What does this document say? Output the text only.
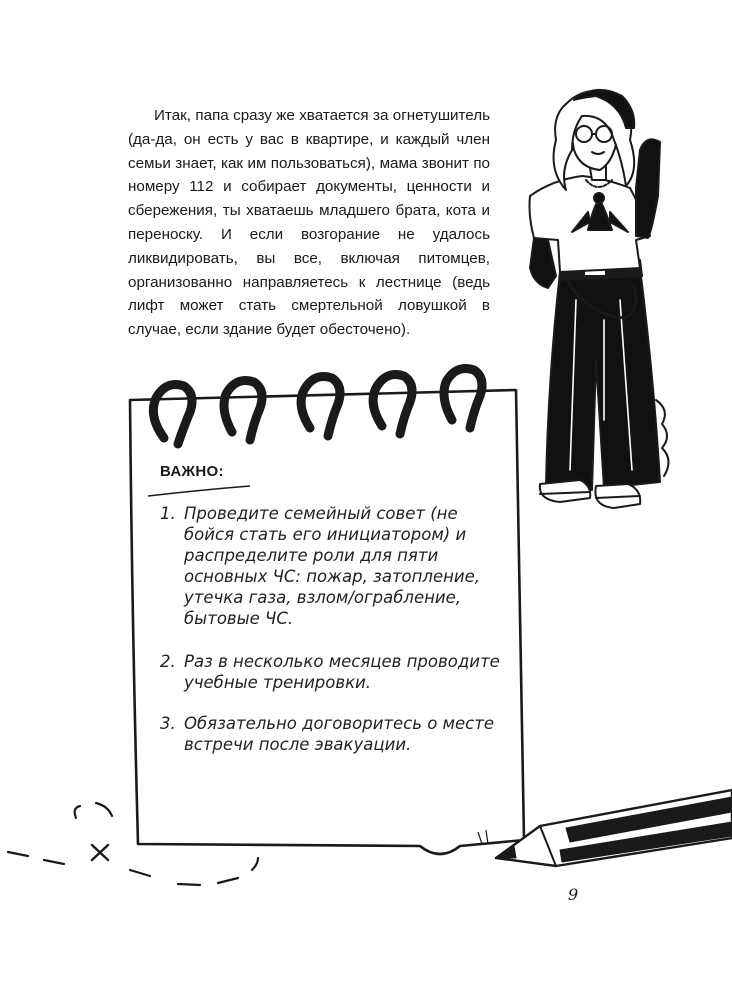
Итак, папа сразу же хватается за огнетушитель (да-да, он есть у вас в квартире, и каждый член семьи знает, как им пользоваться), мама звонит по номеру 112 и собирает документы, ценности и сбережения, ты хватаешь младшего брата, кота и переноску. И если возгорание не удалось ликвидировать, вы все, включая питомцев, организованно направляетесь к лестнице (ведь лифт может стать смертельной ловушкой в случае, если здание будет обесточено).

ВАЖНО:
1. Проведите семейный совет (не бойся стать его инициатором) и распределите роли для пяти основных ЧС: пожар, затопление, утечка газа, взлом/ограбление, бытовые ЧС.
2. Раз в несколько месяцев проводите учебные тренировки.
3. Обязательно договоритесь о месте встречи после эвакуации.
9
